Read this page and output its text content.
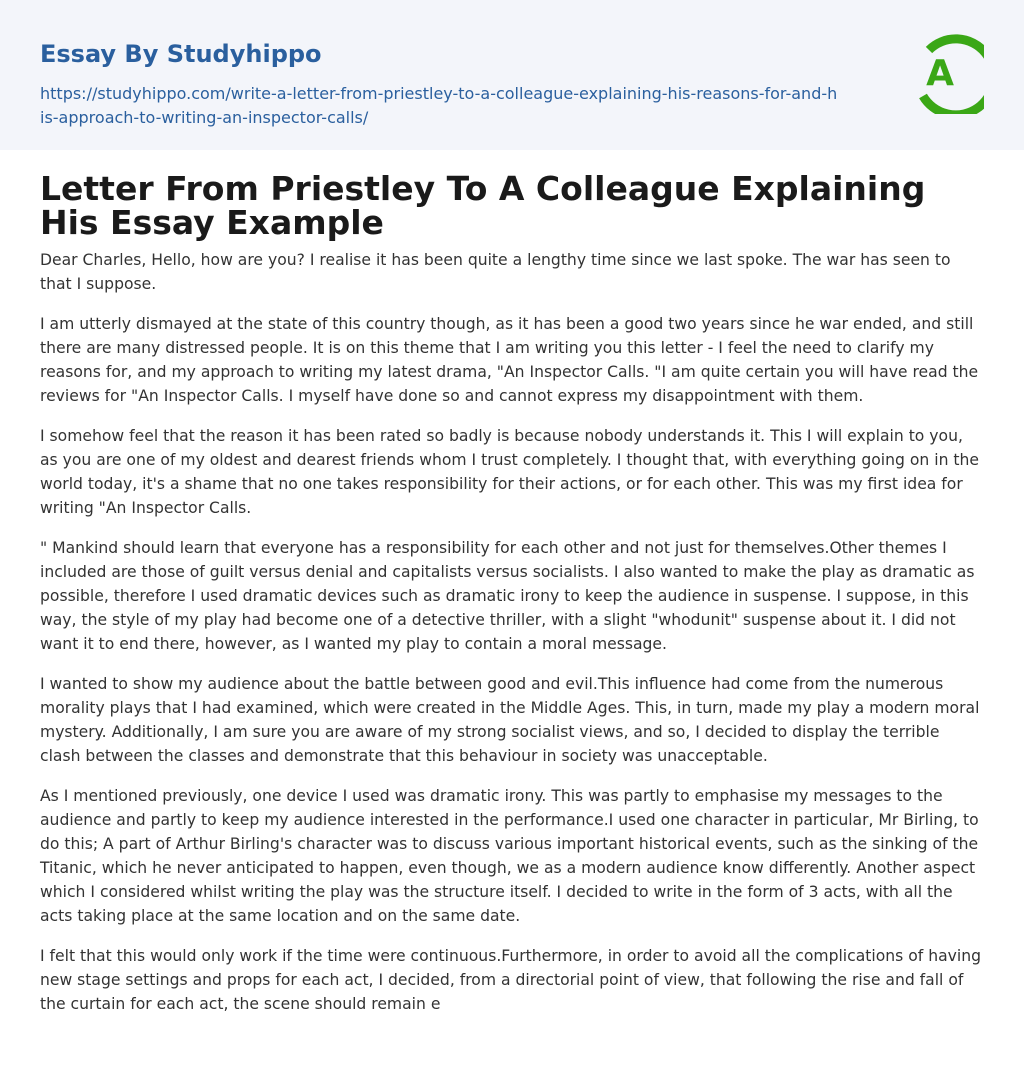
Essay By Studyhippo
https://studyhippo.com/write-a-letter-from-priestley-to-a-colleague-explaining-his-reasons-for-and-his-approach-to-writing-an-inspector-calls/
A
Letter From Priestley To A Colleague Explaining His Essay Example

Dear Charles, Hello, how are you? I realise it has been quite a lengthy time since we last spoke. The war has seen to that I suppose.

I am utterly dismayed at the state of this country though, as it has been a good two years since he war ended, and still there are many distressed people. It is on this theme that I am writing you this letter - I feel the need to clarify my reasons for, and my approach to writing my latest drama, "An Inspector Calls. "I am quite certain you will have read the reviews for "An Inspector Calls. I myself have done so and cannot express my disappointment with them.

I somehow feel that the reason it has been rated so badly is because nobody understands it. This I will explain to you, as you are one of my oldest and dearest friends whom I trust completely. I thought that, with everything going on in the world today, it's a shame that no one takes responsibility for their actions, or for each other. This was my first idea for writing "An Inspector Calls.

" Mankind should learn that everyone has a responsibility for each other and not just for themselves.Other themes I included are those of guilt versus denial and capitalists versus socialists. I also wanted to make the play as dramatic as possible, therefore I used dramatic devices such as dramatic irony to keep the audience in suspense. I suppose, in this way, the style of my play had become one of a detective thriller, with a slight "whodunit" suspense about it. I did not want it to end there, however, as I wanted my play to contain a moral message.

I wanted to show my audience about the battle between good and evil.This influence had come from the numerous morality plays that I had examined, which were created in the Middle Ages. This, in turn, made my play a modern moral mystery. Additionally, I am sure you are aware of my strong socialist views, and so, I decided to display the terrible clash between the classes and demonstrate that this behaviour in society was unacceptable.

As I mentioned previously, one device I used was dramatic irony. This was partly to emphasise my messages to the audience and partly to keep my audience interested in the performance.I used one character in particular, Mr Birling, to do this; A part of Arthur Birling's character was to discuss various important historical events, such as the sinking of the Titanic, which he never anticipated to happen, even though, we as a modern audience know differently. Another aspect which I considered whilst writing the play was the structure itself. I decided to write in the form of 3 acts, with all the acts taking place at the same location and on the same date.

I felt that this would only work if the time were continuous.Furthermore, in order to avoid all the complications of having new stage settings and props for each act, I decided, from a directorial point of view, that following the rise and fall of the curtain for each act, the scene should remain e
